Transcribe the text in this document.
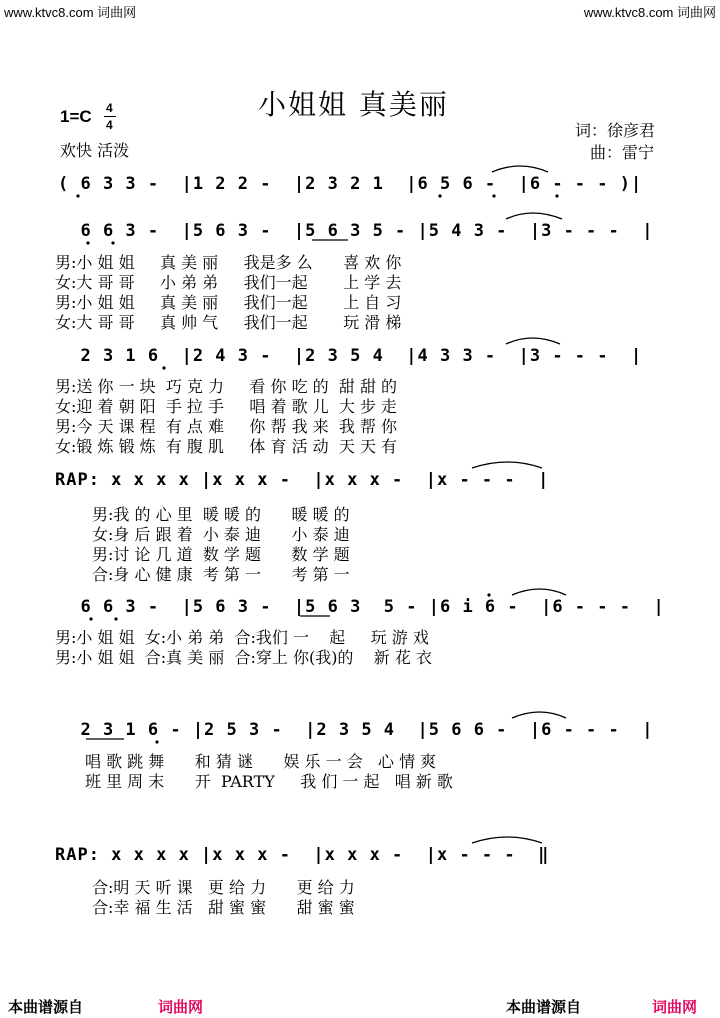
www.ktvc8.com 词曲网	www.ktvc8.com 词曲网
小姐姐 真美丽
1=C 4
4
欢快 活泼
词：徐彦君
曲：雷宁
( 6 3 3 -  |1 2 2 -  |2 3 2 1  |6 5 6 -  |6 - - - )|
6 6 3 -  |5 6 3 -  |5 6 3 5 - |5 4 3 -  |3 - - -  |
男:小 姐 姐     真 美 丽     我是多 么      喜 欢 你
女:大 哥 哥     小 弟 弟     我们一起       上 学 去
男:小 姐 姐     真 美 丽     我们一起       上 自 习
女:大 哥 哥     真 帅 气     我们一起       玩 滑 梯
2 3 1 6  |2 4 3 -  |2 3 5 4  |4 3 3 -  |3 - - -  |
男:送 你 一 块  巧 克 力     看 你 吃 的  甜 甜 的
女:迎 着 朝 阳  手 拉 手     唱 着 歌 儿  大 步 走
男:今 天 课 程  有 点 难     你 帮 我 来  我 帮 你
女:锻 炼 锻 炼  有 腹 肌     体 育 活 动  天 天 有
RAP: x x x x |x x x -  |x x x -  |x - - -  |
男:我 的 心 里  暖 暖 的      暖 暖 的
女:身 后 跟 着  小 泰 迪      小 泰 迪
男:讨 论 几 道  数 学 题      数 学 题
合:身 心 健 康  考 第 一      考 第 一
6 6 3 -  |5 6 3 -  |5 6 3  5 - |6 i 6 -  |6 - - -  |
男:小 姐 姐  女:小 弟 弟  合:我们 一    起     玩 游 戏
男:小 姐 姐  合:真 美 丽  合:穿上 你(我)的    新 花 衣
2 3 1 6 - |2 5 3 -  |2 3 5 4  |5 6 6 -  |6 - - -  |
唱 歌 跳 舞      和 猜 谜      娱 乐 一 会   心 情 爽
班 里 周 末      开  PARTY     我 们 一 起   唱 新 歌
RAP: x x x x |x x x -  |x x x -  |x - - -  ‖
合:明 天 听 课   更 给 力      更 给 力
合:幸 福 生 活   甜 蜜 蜜      甜 蜜 蜜
本曲谱源自	词曲网	本曲谱源自	词曲网
